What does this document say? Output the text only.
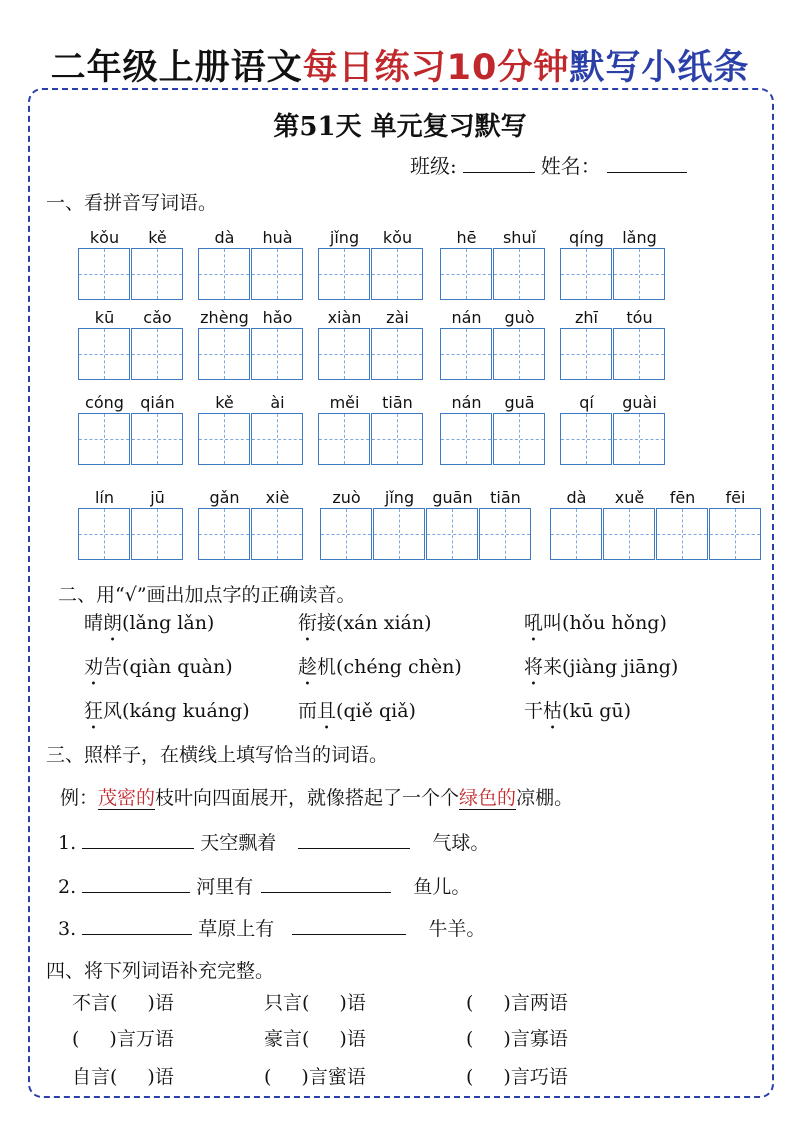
二年级上册语文每日练习10分钟默写小纸条
第51天 单元复习默写
班级:	姓名：
一、看拼音写词语。
kǒu	kě	dà	huà	jǐng	kǒu	hē	shuǐ	qíng	lǎng
kū	cǎo	zhèng hǎo	xiàn	zài	nán	guò	zhī	tóu
cóng	qián	kě	ài	měi	tiān	nán	guā	qí	guài
lín	jū	gǎn	xiè	zuò	jǐng	guān	tiān	dà	xuě	fēn	fēi
二、用“√”画出加点字的正确读音。
晴朗(lǎng lǎn)	衔接(xán xián)	吼叫(hǒu hǒng)
劝告(qiàn quàn)	趁机(chéng chèn)	将来(jiàng jiāng)
狂风(káng kuáng)	而且(qiě qiǎ)	干枯(kū gū)
三、照样子，在横线上填写恰当的词语。
例：茂密的枝叶向四面展开，就像搭起了一个个绿色的凉棚。
1.	天空飘着	气球。
2.	河里有	鱼儿。
3.	草原上有	牛羊。
四、将下列词语补充完整。
不言( )语	只言( )语	( )言两语
( )言万语	豪言( )语	( )言寡语
自言( )语	( )言蜜语	( )言巧语
